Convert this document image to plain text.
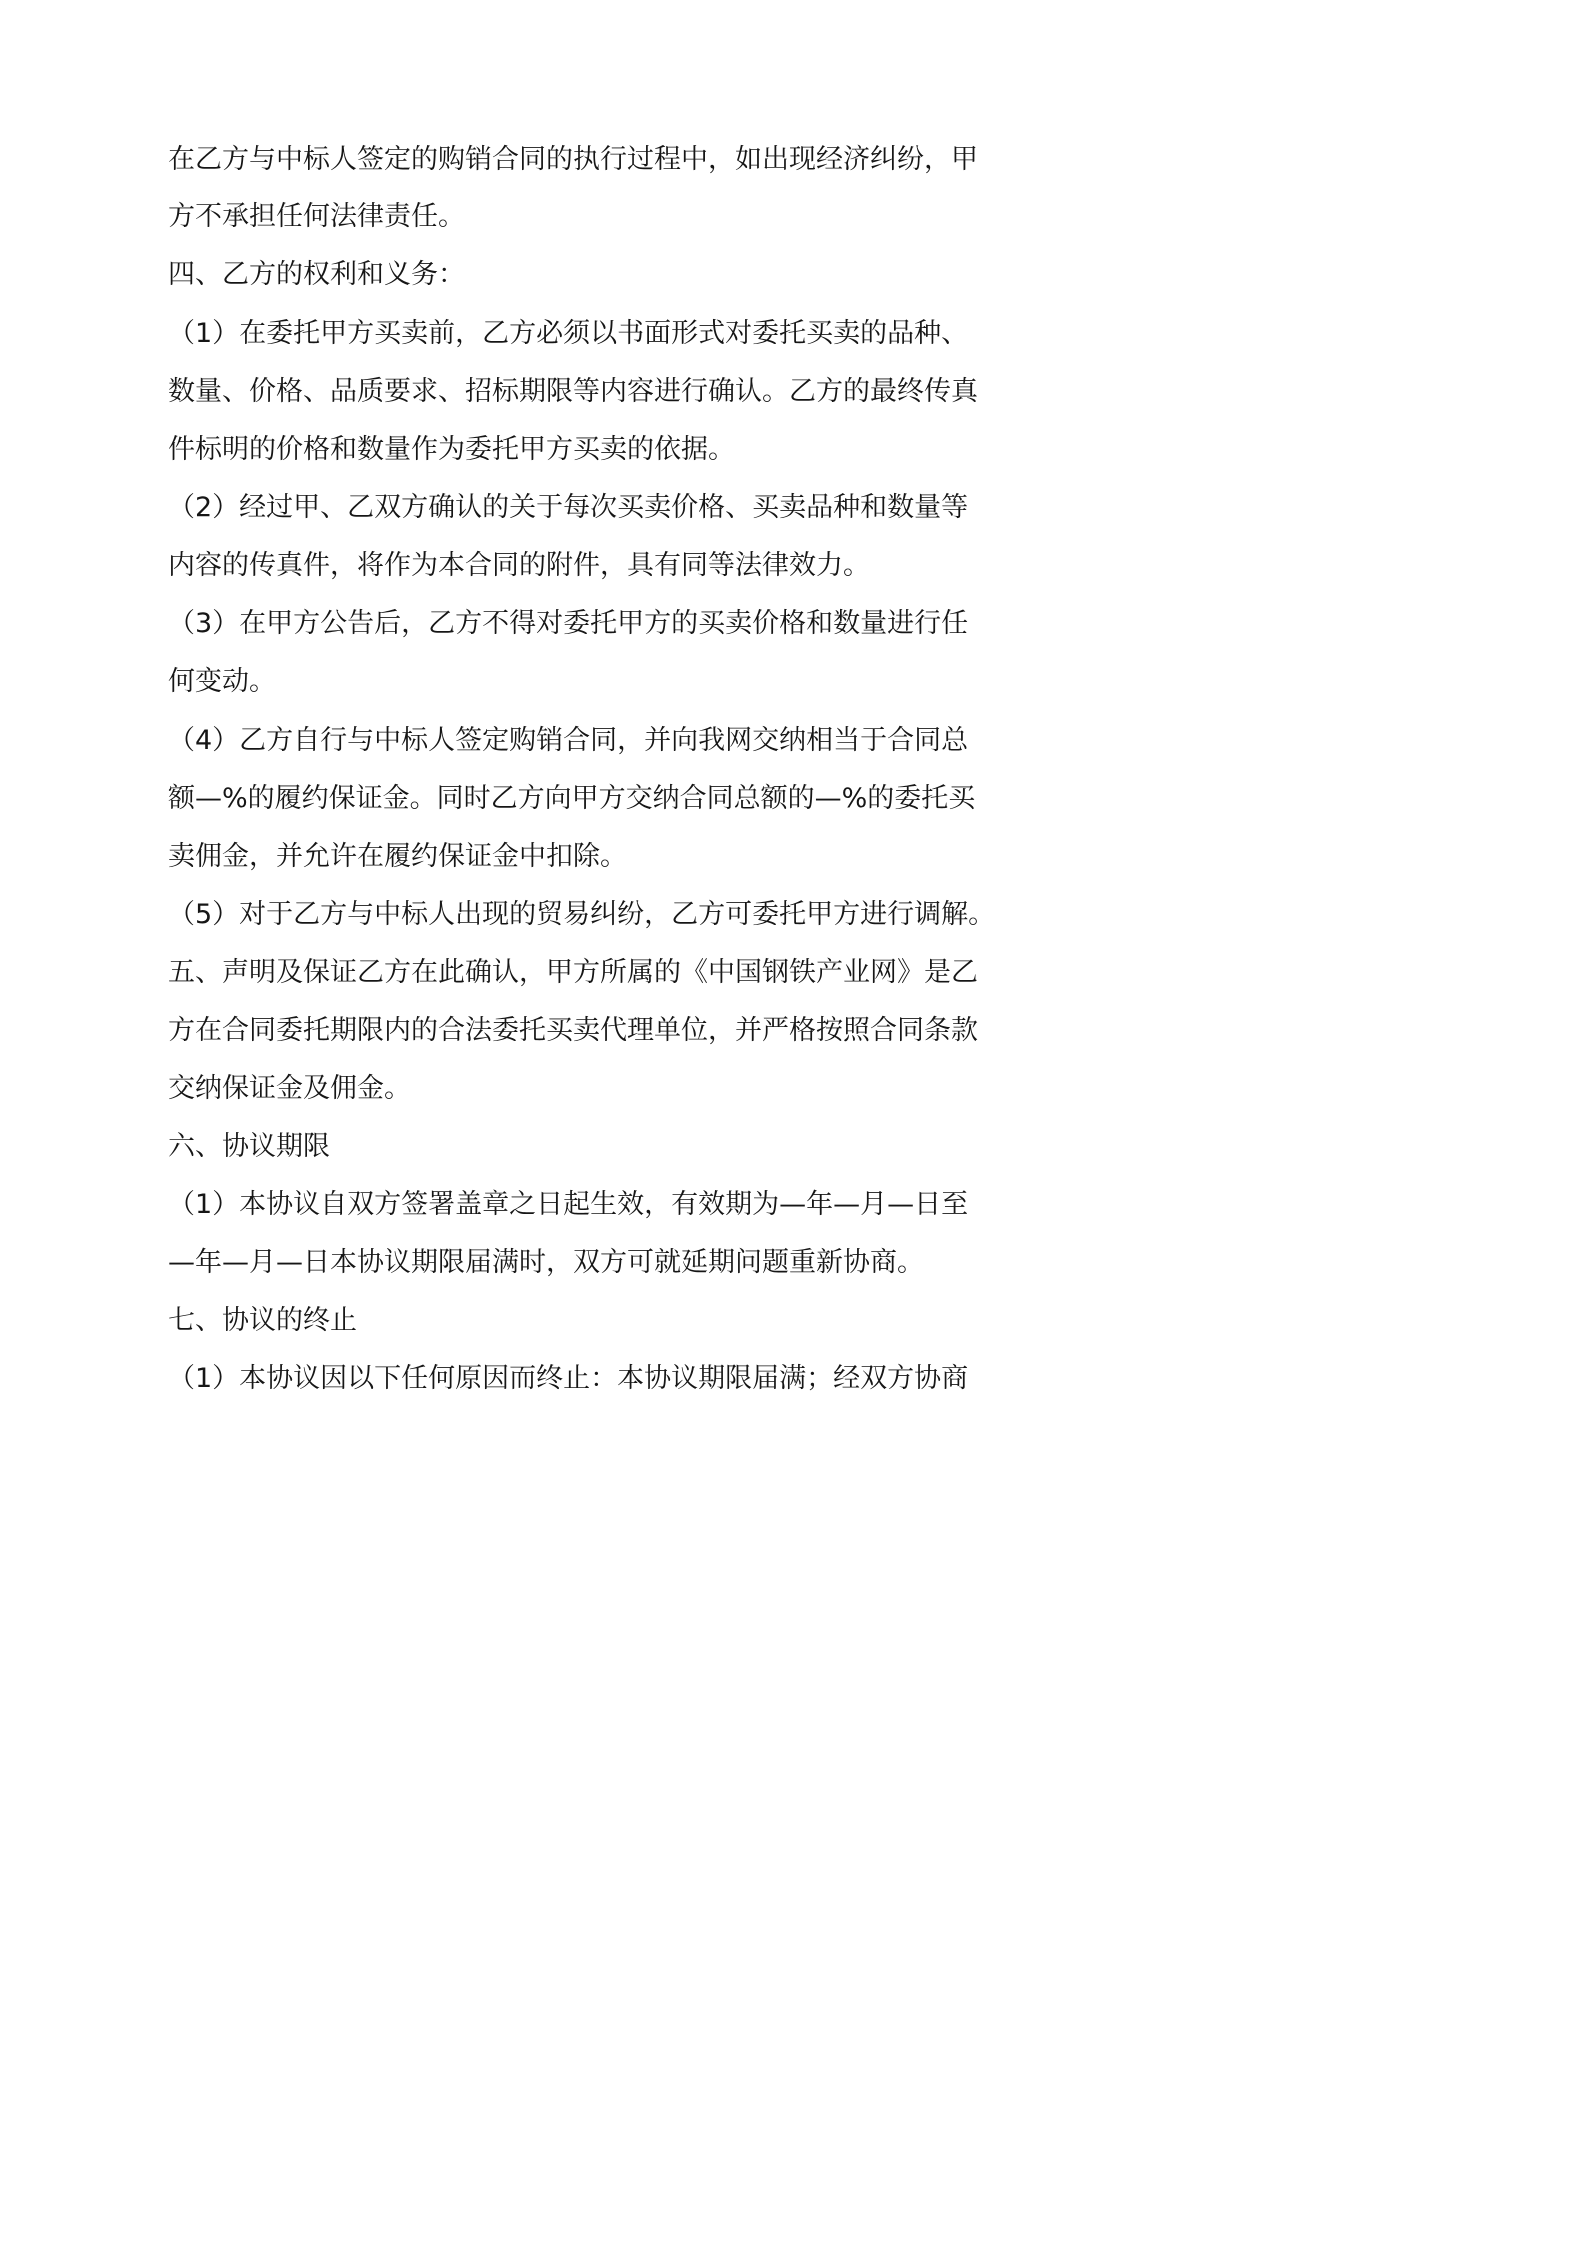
在乙方与中标人签定的购销合同的执行过程中，如出现经济纠纷，甲
方不承担任何法律责任。
四、乙方的权利和义务：
（1）在委托甲方买卖前，乙方必须以书面形式对委托买卖的品种、
数量、价格、品质要求、招标期限等内容进行确认。乙方的最终传真
件标明的价格和数量作为委托甲方买卖的依据。
（2）经过甲、乙双方确认的关于每次买卖价格、买卖品种和数量等
内容的传真件，将作为本合同的附件，具有同等法律效力。
（3）在甲方公告后，乙方不得对委托甲方的买卖价格和数量进行任
何变动。
（4）乙方自行与中标人签定购销合同，并向我网交纳相当于合同总
额—%的履约保证金。同时乙方向甲方交纳合同总额的—%的委托买
卖佣金，并允许在履约保证金中扣除。
（5）对于乙方与中标人出现的贸易纠纷，乙方可委托甲方进行调解。
五、声明及保证乙方在此确认，甲方所属的《中国钢铁产业网》是乙
方在合同委托期限内的合法委托买卖代理单位，并严格按照合同条款
交纳保证金及佣金。
六、协议期限
（1）本协议自双方签署盖章之日起生效，有效期为—年—月—日至
—年—月—日本协议期限届满时，双方可就延期问题重新协商。
七、协议的终止
（1）本协议因以下任何原因而终止：本协议期限届满；经双方协商
